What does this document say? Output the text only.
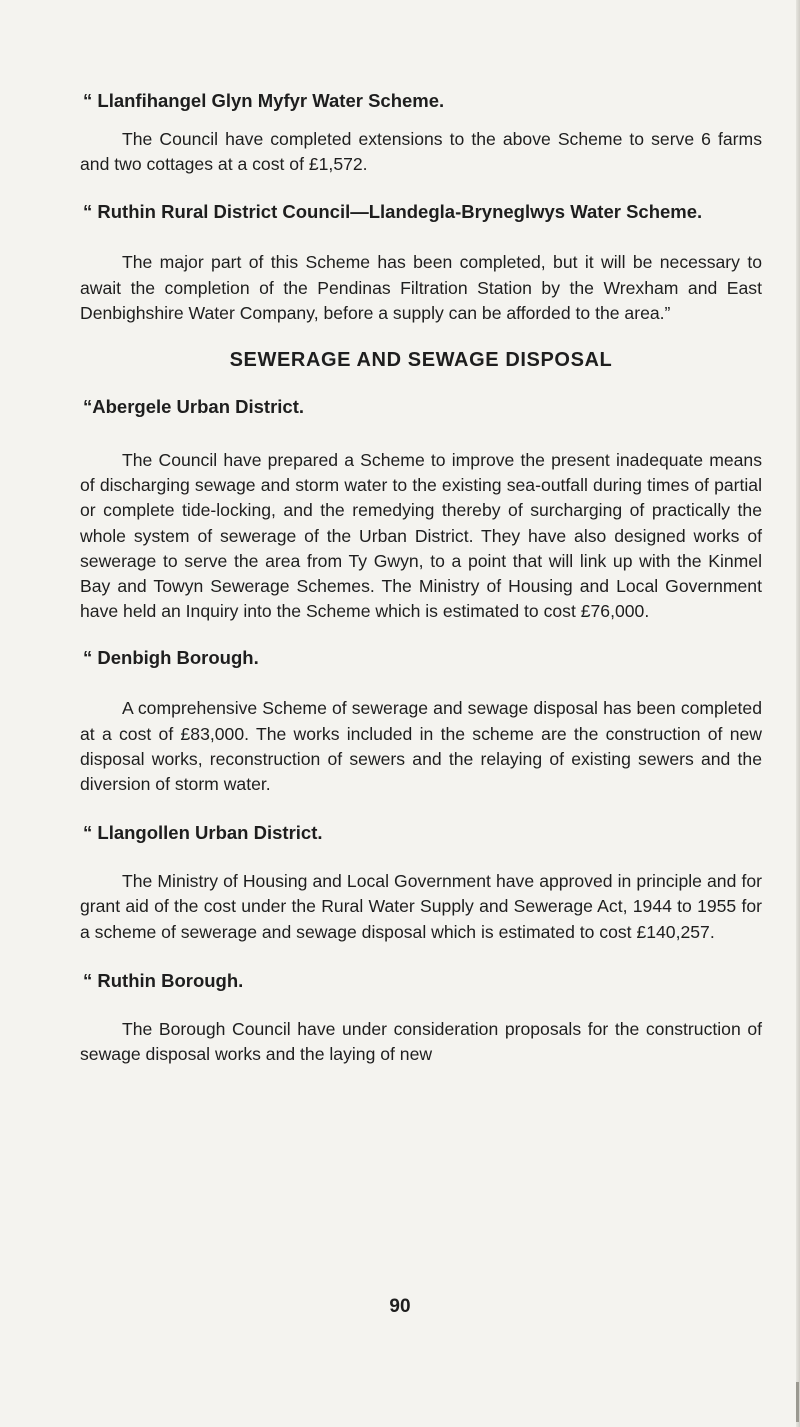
“ Llanfihangel Glyn Myfyr Water Scheme.

The Council have completed extensions to the above Scheme to serve 6 farms and two cottages at a cost of £1,572.

“ Ruthin Rural District Council—Llandegla-Bryneglwys Water Scheme.

The major part of this Scheme has been completed, but it will be necessary to await the completion of the Pendinas Filtration Station by the Wrexham and East Denbighshire Water Company, before a supply can be afforded to the area.”

SEWERAGE AND SEWAGE DISPOSAL

“Abergele Urban District.

The Council have prepared a Scheme to improve the present inadequate means of discharging sewage and storm water to the existing sea-outfall during times of partial or complete tide-locking, and the remedying thereby of surcharging of practically the whole system of sewerage of the Urban District. They have also designed works of sewerage to serve the area from Ty Gwyn, to a point that will link up with the Kinmel Bay and Towyn Sewerage Schemes. The Ministry of Housing and Local Government have held an Inquiry into the Scheme which is estimated to cost £76,000.

“ Denbigh Borough.

A comprehensive Scheme of sewerage and sewage disposal has been completed at a cost of £83,000. The works included in the scheme are the construction of new disposal works, reconstruction of sewers and the relaying of existing sewers and the diversion of storm water.

“ Llangollen Urban District.

The Ministry of Housing and Local Government have approved in principle and for grant aid of the cost under the Rural Water Supply and Sewerage Act, 1944 to 1955 for a scheme of sewerage and sewage disposal which is estimated to cost £140,257.

“ Ruthin Borough.

The Borough Council have under consideration proposals for the construction of sewage disposal works and the laying of new

90
